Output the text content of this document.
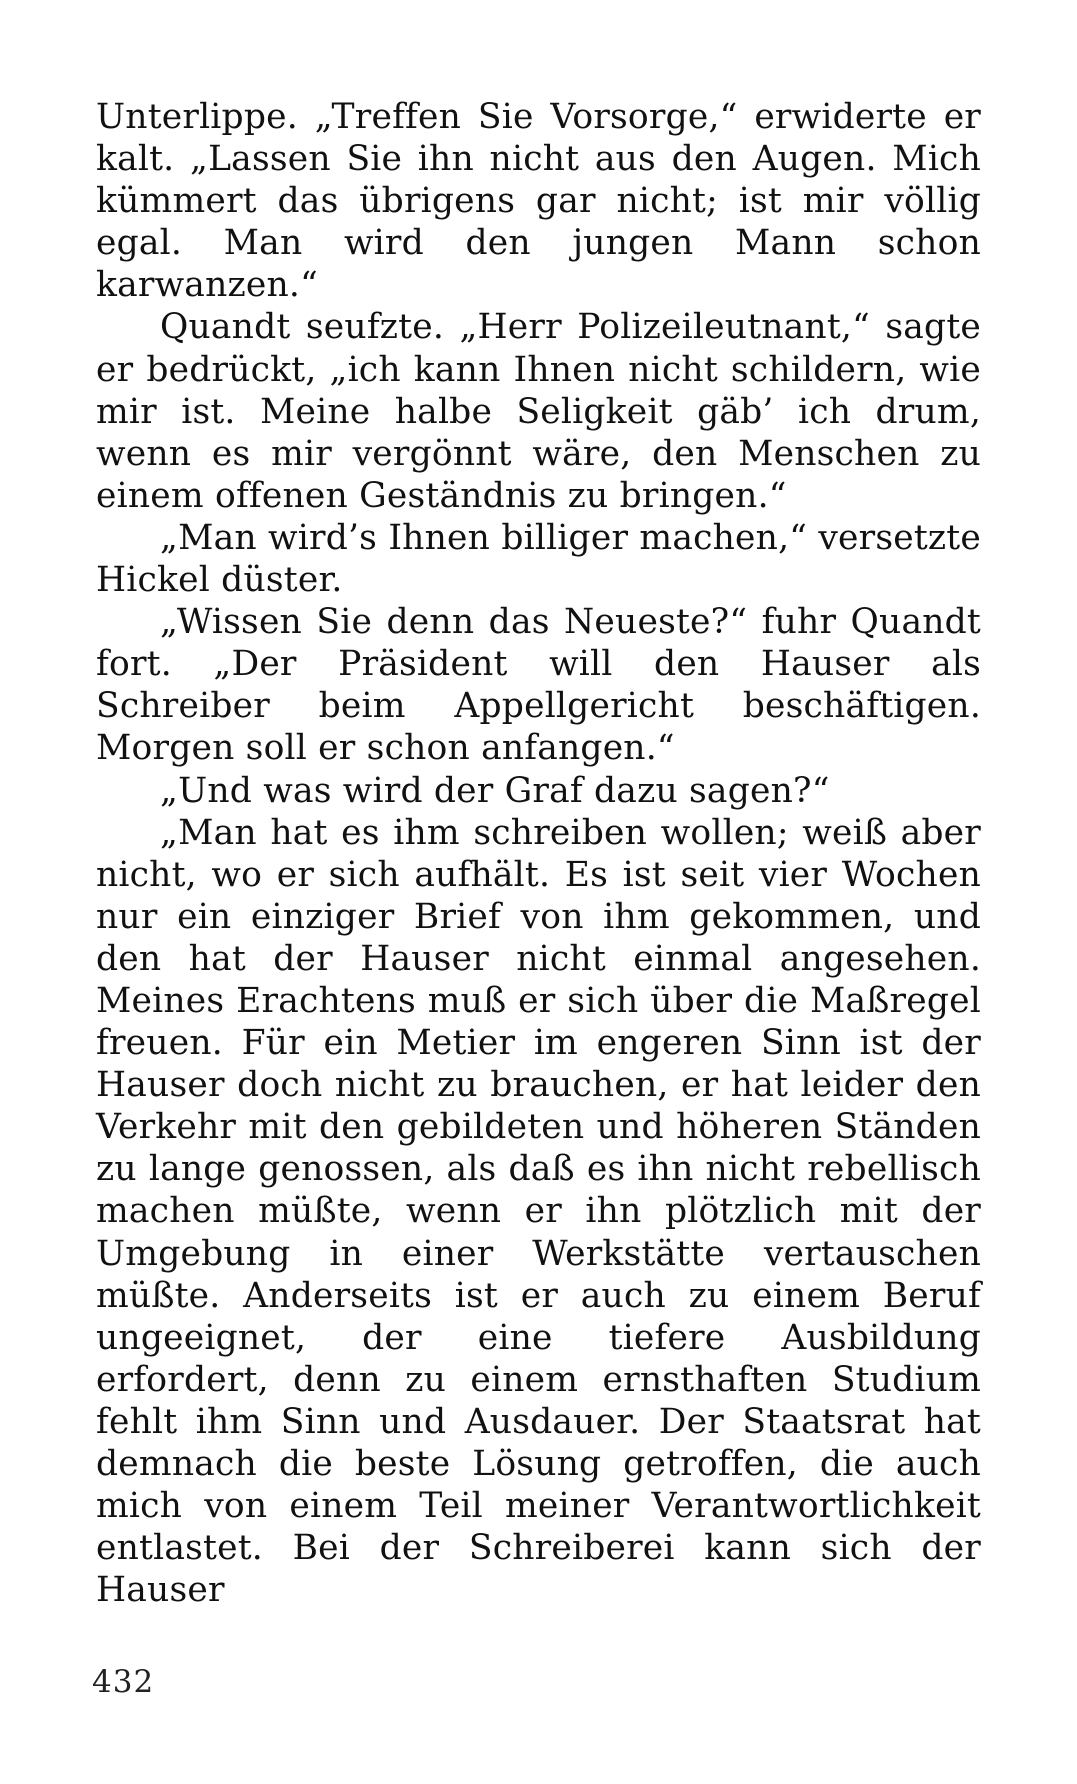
Unterlippe. „Treffen Sie Vorsorge,“ erwiderte er kalt. „Lassen Sie ihn nicht aus den Augen. Mich kümmert das übrigens gar nicht; ist mir völlig egal. Man wird den jungen Mann schon karwanzen.“

Quandt seufzte. „Herr Polizeileutnant,“ sagte er bedrückt, „ich kann Ihnen nicht schildern, wie mir ist. Meine halbe Seligkeit gäb’ ich drum, wenn es mir vergönnt wäre, den Menschen zu einem offenen Geständnis zu bringen.“

„Man wird’s Ihnen billiger machen,“ versetzte Hickel düster.

„Wissen Sie denn das Neueste?“ fuhr Quandt fort. „Der Präsident will den Hauser als Schreiber beim Appellgericht beschäftigen. Morgen soll er schon anfangen.“

„Und was wird der Graf dazu sagen?“

„Man hat es ihm schreiben wollen; weiß aber nicht, wo er sich aufhält. Es ist seit vier Wochen nur ein einziger Brief von ihm gekommen, und den hat der Hauser nicht einmal angesehen. Meines Erachtens muß er sich über die Maßregel freuen. Für ein Metier im engeren Sinn ist der Hauser doch nicht zu brauchen, er hat leider den Verkehr mit den gebildeten und höheren Ständen zu lange genossen, als daß es ihn nicht rebellisch machen müßte, wenn er ihn plötzlich mit der Umgebung in einer Werkstätte vertauschen müßte. Anderseits ist er auch zu einem Beruf ungeeignet, der eine tiefere Ausbildung erfordert, denn zu einem ernsthaften Studium fehlt ihm Sinn und Ausdauer. Der Staatsrat hat demnach die beste Lösung getroffen, die auch mich von einem Teil meiner Verantwortlichkeit entlastet. Bei der Schreiberei kann sich der Hauser

432
